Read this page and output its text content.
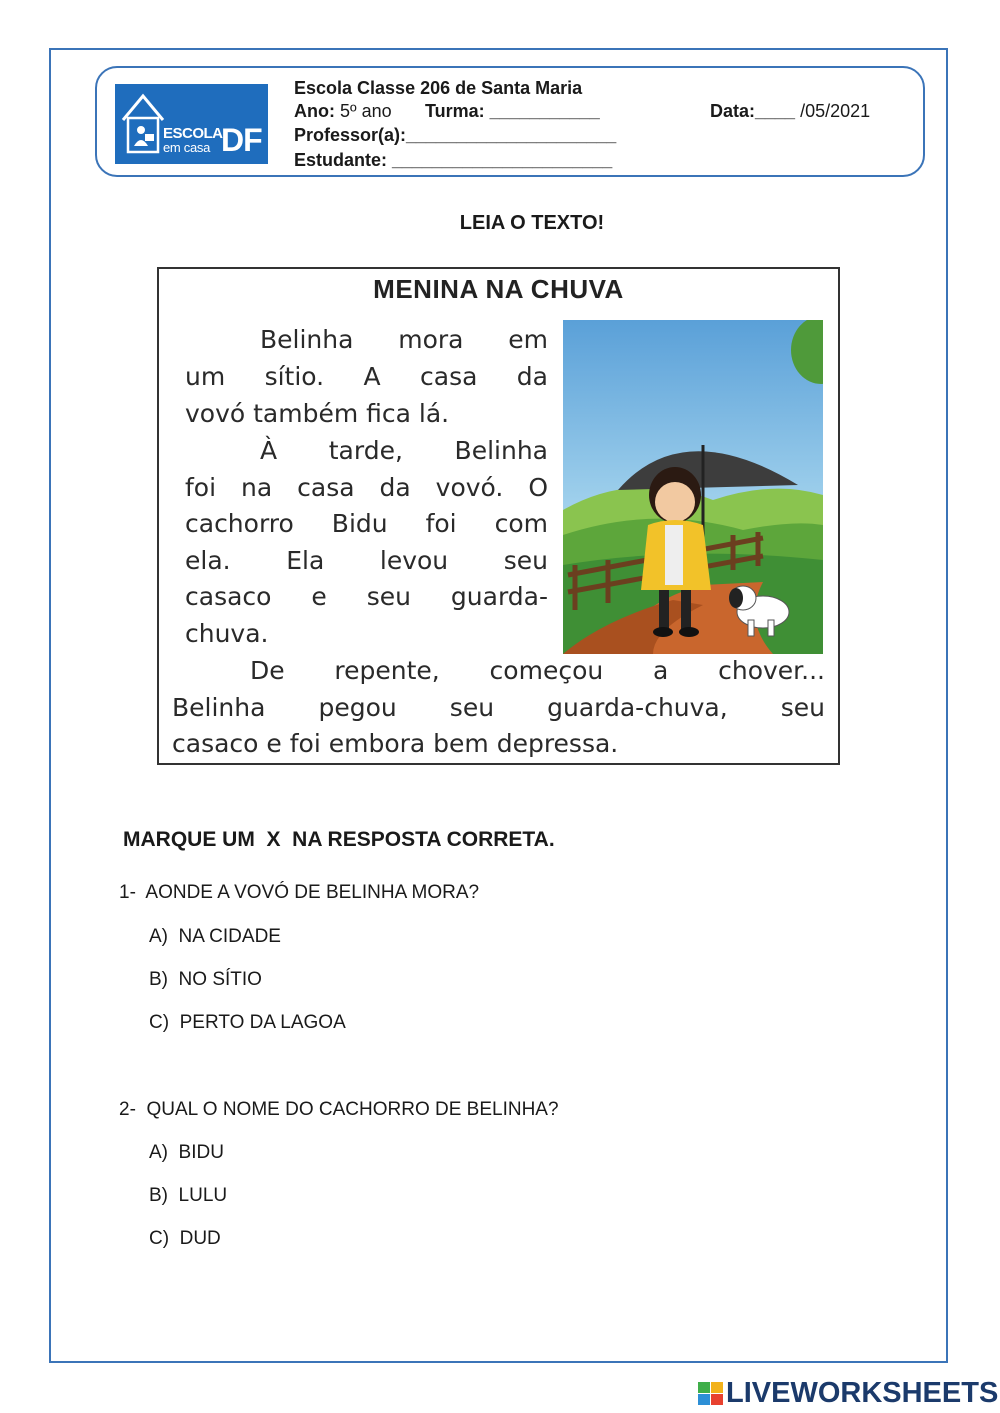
ESCOLA
em casa DF
Escola Classe 206 de Santa Maria
Ano: 5º ano Turma: ___________	Data:____ /05/2021
Professor(a):_____________________
Estudante: ______________________
LEIA O TEXTO!
MENINA NA CHUVA
Belinha mora em
um sítio. A casa da
vovó também fica lá.
À tarde, Belinha
foi na casa da vovó. O
cachorro Bidu foi com
ela. Ela levou seu
casaco e seu guarda-
chuva.
De repente, começou a chover...
Belinha pegou seu guarda-chuva, seu
casaco e foi embora bem depressa.
MARQUE UM  X  NA RESPOSTA CORRETA.
1-  AONDE A VOVÓ DE BELINHA MORA?
A)  NA CIDADE
B)  NO SÍTIO
C)  PERTO DA LAGOA
2-  QUAL O NOME DO CACHORRO DE BELINHA?
A)  BIDU
B)  LULU
C)  DUD
LIVEWORKSHEETS
